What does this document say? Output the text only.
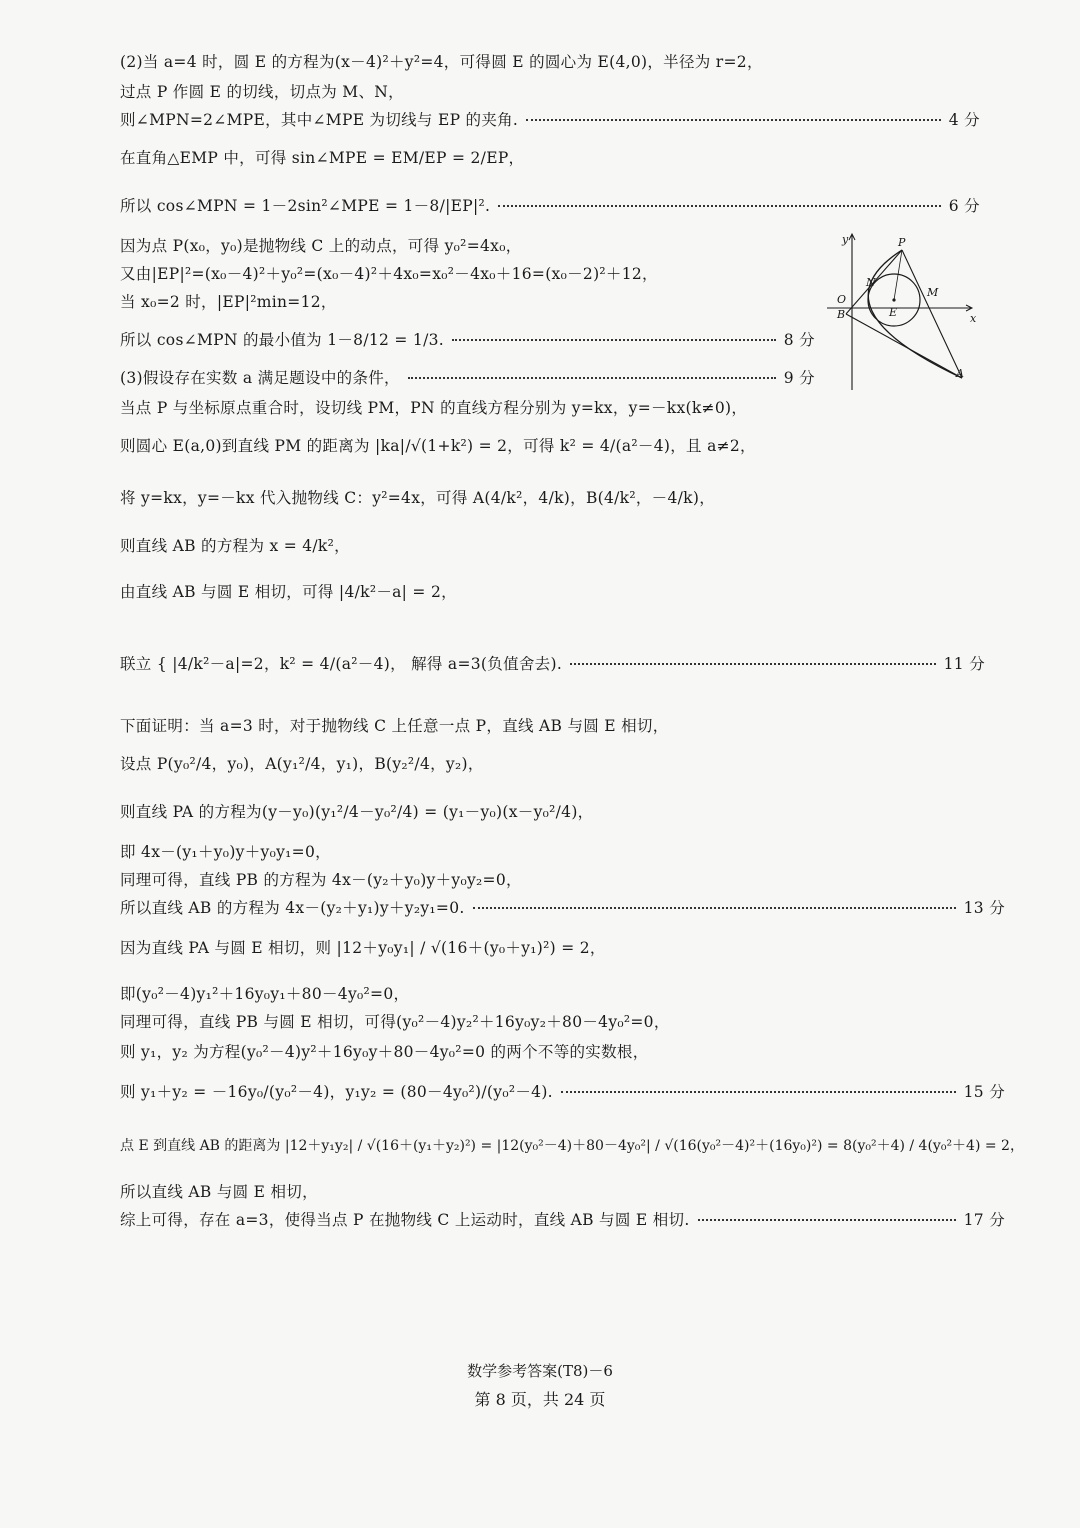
(2)当 a=4 时，圆 E 的方程为(x－4)²＋y²=4，可得圆 E 的圆心为 E(4,0)，半径为 r=2，
过点 P 作圆 E 的切线，切点为 M、N，
则∠MPN=2∠MPE，其中∠MPE 为切线与 EP 的夹角.	4 分
在直角△EMP 中，可得 sin∠MPE = EM/EP = 2/EP，
所以 cos∠MPN = 1－2sin²∠MPE = 1－8/|EP|².	6 分
因为点 P(x₀，y₀)是抛物线 C 上的动点，可得 y₀²=4x₀，
又由|EP|²=(x₀－4)²＋y₀²=(x₀－4)²＋4x₀=x₀²－4x₀＋16=(x₀－2)²＋12，
当 x₀=2 时，|EP|²min=12，
所以 cos∠MPN 的最小值为 1－8/12 = 1/3.	8 分
(3)假设存在实数 a 满足题设中的条件，	9 分
当点 P 与坐标原点重合时，设切线 PM，PN 的直线方程分别为 y=kx，y=－kx(k≠0)，
则圆心 E(a,0)到直线 PM 的距离为 |ka|/√(1+k²) = 2，可得 k² = 4/(a²－4)，且 a≠2，
将 y=kx，y=－kx 代入抛物线 C：y²=4x，可得 A(4/k²，4/k)，B(4/k²，－4/k)，
则直线 AB 的方程为 x = 4/k²，
由直线 AB 与圆 E 相切，可得 |4/k²－a| = 2，
联立 { |4/k²－a|=2，k² = 4/(a²－4)， 解得 a=3(负值舍去).	11 分
下面证明：当 a=3 时，对于抛物线 C 上任意一点 P，直线 AB 与圆 E 相切，
设点 P(y₀²/4，y₀)，A(y₁²/4，y₁)，B(y₂²/4，y₂)，
则直线 PA 的方程为(y－y₀)(y₁²/4－y₀²/4) = (y₁－y₀)(x－y₀²/4)，
即 4x－(y₁＋y₀)y＋y₀y₁=0，
同理可得，直线 PB 的方程为 4x－(y₂＋y₀)y＋y₀y₂=0，
所以直线 AB 的方程为 4x－(y₂＋y₁)y＋y₂y₁=0.	13 分
因为直线 PA 与圆 E 相切，则 |12＋y₀y₁| / √(16＋(y₀＋y₁)²) = 2，
即(y₀²－4)y₁²＋16y₀y₁＋80－4y₀²=0，
同理可得，直线 PB 与圆 E 相切，可得(y₀²－4)y₂²＋16y₀y₂＋80－4y₀²=0，
则 y₁，y₂ 为方程(y₀²－4)y²＋16y₀y＋80－4y₀²=0 的两个不等的实数根，
则 y₁＋y₂ = －16y₀/(y₀²－4)，y₁y₂ = (80－4y₀²)/(y₀²－4).	15 分
点 E 到直线 AB 的距离为 |12＋y₁y₂| / √(16＋(y₁＋y₂)²) = |12(y₀²－4)＋80－4y₀²| / √(16(y₀²－4)²＋(16y₀)²) = 8(y₀²＋4) / 4(y₀²＋4) = 2，
所以直线 AB 与圆 E 相切，
综上可得，存在 a=3，使得当点 P 在抛物线 C 上运动时，直线 AB 与圆 E 相切.	17 分
y
x
O
B
P
N
M
E
A
数学参考答案(T8)－6
第 8 页，共 24 页
